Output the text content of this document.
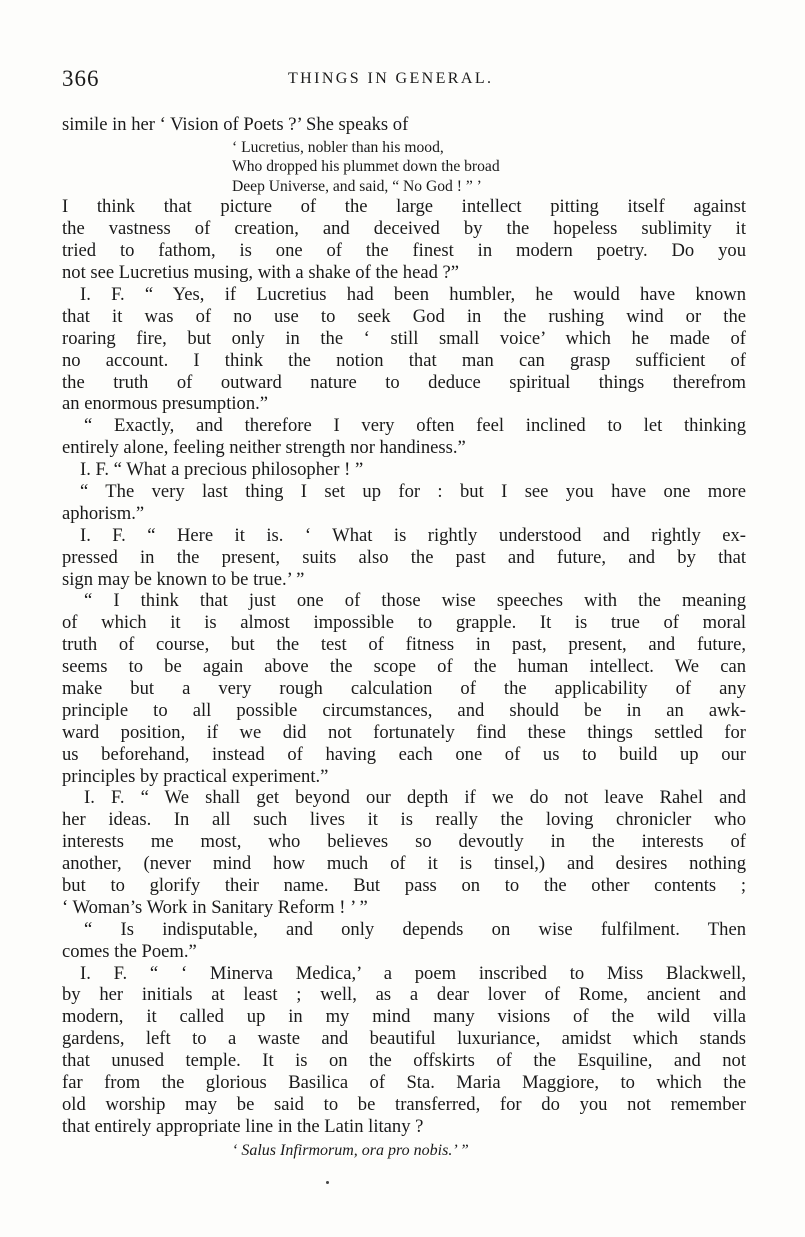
366	THINGS IN GENERAL.
simile in her ‘ Vision of Poets ?’ She speaks of
‘ Lucretius, nobler than his mood,
Who dropped his plummet down the broad
Deep Universe, and said, “ No God ! ” ’
I think that picture of the large intellect pitting itself against
the vastness of creation, and deceived by the hopeless sublimity it
tried to fathom, is one of the finest in modern poetry. Do you
not see Lucretius musing, with a shake of the head ?”
I. F. “ Yes, if Lucretius had been humbler, he would have known
that it was of no use to seek God in the rushing wind or the
roaring fire, but only in the ‘ still small voice’ which he made of
no account. I think the notion that man can grasp sufficient of
the truth of outward nature to deduce spiritual things therefrom
an enormous presumption.”
“ Exactly, and therefore I very often feel inclined to let thinking
entirely alone, feeling neither strength nor handiness.”
I. F. “ What a precious philosopher ! ”
“ The very last thing I set up for : but I see you have one more
aphorism.”
I. F. “ Here it is. ‘ What is rightly understood and rightly ex-
pressed in the present, suits also the past and future, and by that
sign may be known to be true.’ ”
“ I think that just one of those wise speeches with the meaning
of which it is almost impossible to grapple. It is true of moral
truth of course, but the test of fitness in past, present, and future,
seems to be again above the scope of the human intellect. We can
make but a very rough calculation of the applicability of any
principle to all possible circumstances, and should be in an awk-
ward position, if we did not fortunately find these things settled for
us beforehand, instead of having each one of us to build up our
principles by practical experiment.”
I. F. “ We shall get beyond our depth if we do not leave Rahel and
her ideas. In all such lives it is really the loving chronicler who
interests me most, who believes so devoutly in the interests of
another, (never mind how much of it is tinsel,) and desires nothing
but to glorify their name. But pass on to the other contents ;
‘ Woman’s Work in Sanitary Reform ! ’ ”
“ Is indisputable, and only depends on wise fulfilment. Then
comes the Poem.”
I. F. “ ‘ Minerva Medica,’ a poem inscribed to Miss Blackwell,
by her initials at least ; well, as a dear lover of Rome, ancient and
modern, it called up in my mind many visions of the wild villa
gardens, left to a waste and beautiful luxuriance, amidst which stands
that unused temple. It is on the offskirts of the Esquiline, and not
far from the glorious Basilica of Sta. Maria Maggiore, to which the
old worship may be said to be transferred, for do you not remember
that entirely appropriate line in the Latin litany ?
‘ Salus Infirmorum, ora pro nobis.’ ”
